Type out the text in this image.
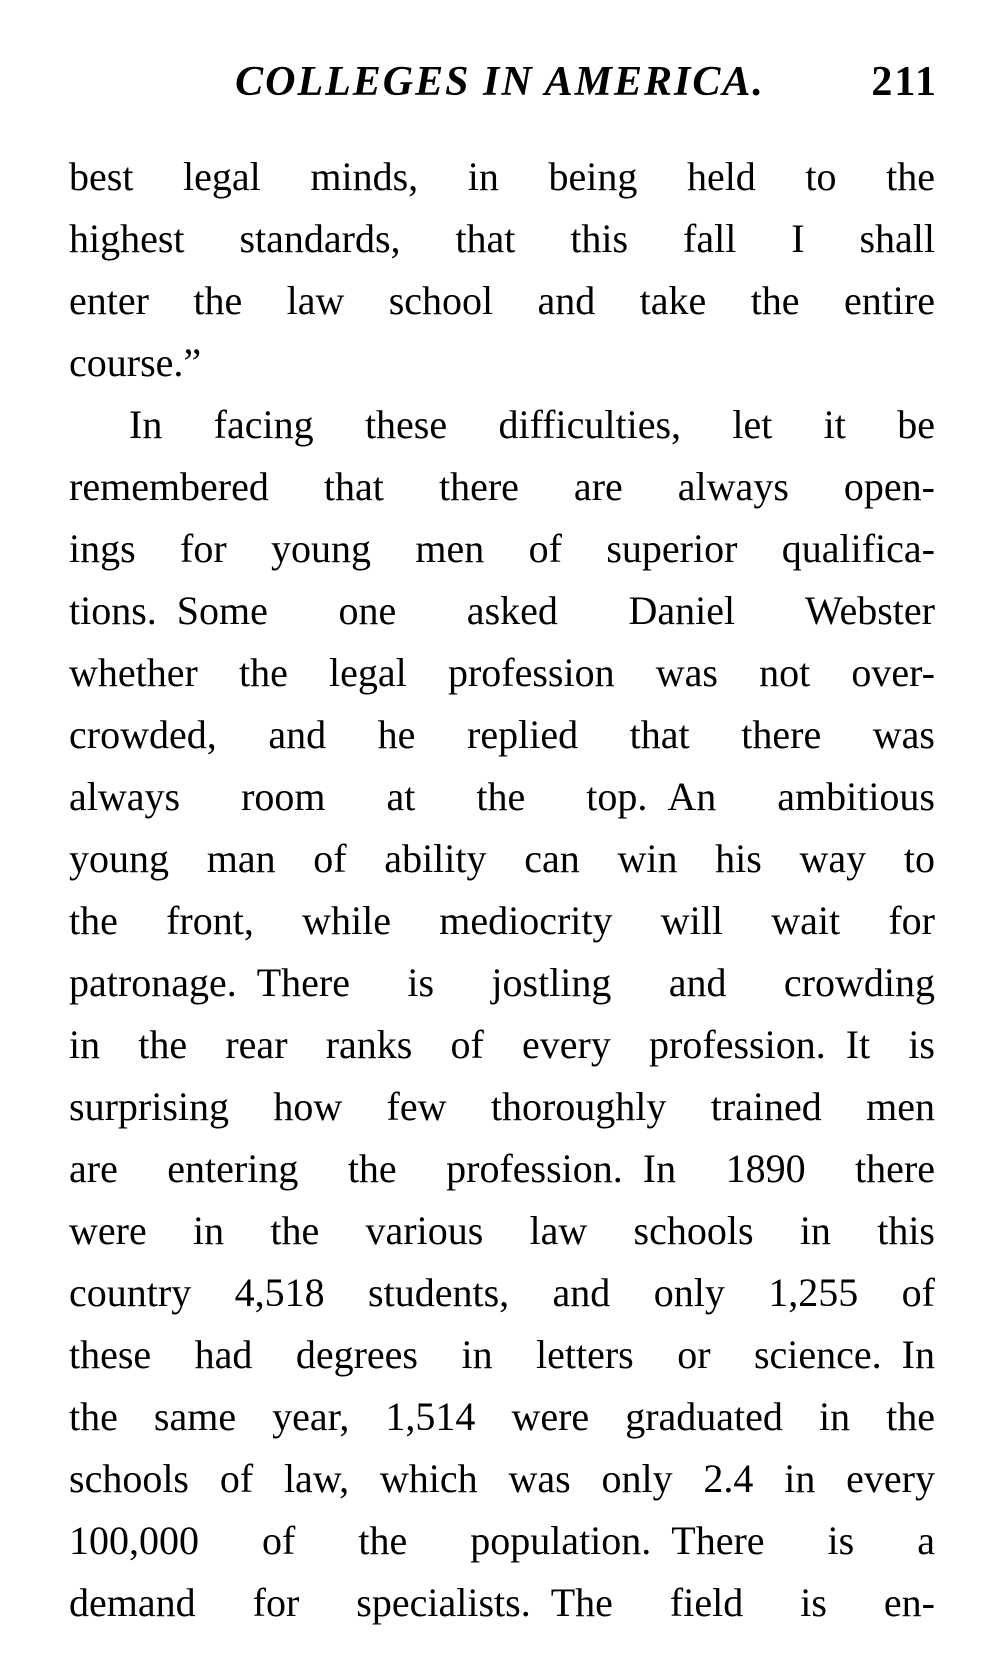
COLLEGES IN AMERICA.	211
best legal minds, in being held to the
highest standards, that this fall I shall
enter the law school and take the entire
course.”
In facing these difficulties, let it be
remembered that there are always open-
ings for young men of superior qualifica-
tions. Some one asked Daniel Webster
whether the legal profession was not over-
crowded, and he replied that there was
always room at the top. An ambitious
young man of ability can win his way to
the front, while mediocrity will wait for
patronage. There is jostling and crowding
in the rear ranks of every profession. It is
surprising how few thoroughly trained men
are entering the profession. In 1890 there
were in the various law schools in this
country 4,518 students, and only 1,255 of
these had degrees in letters or science. In
the same year, 1,514 were graduated in the
schools of law, which was only 2.4 in every
100,000 of the population. There is a
demand for specialists. The field is en-
